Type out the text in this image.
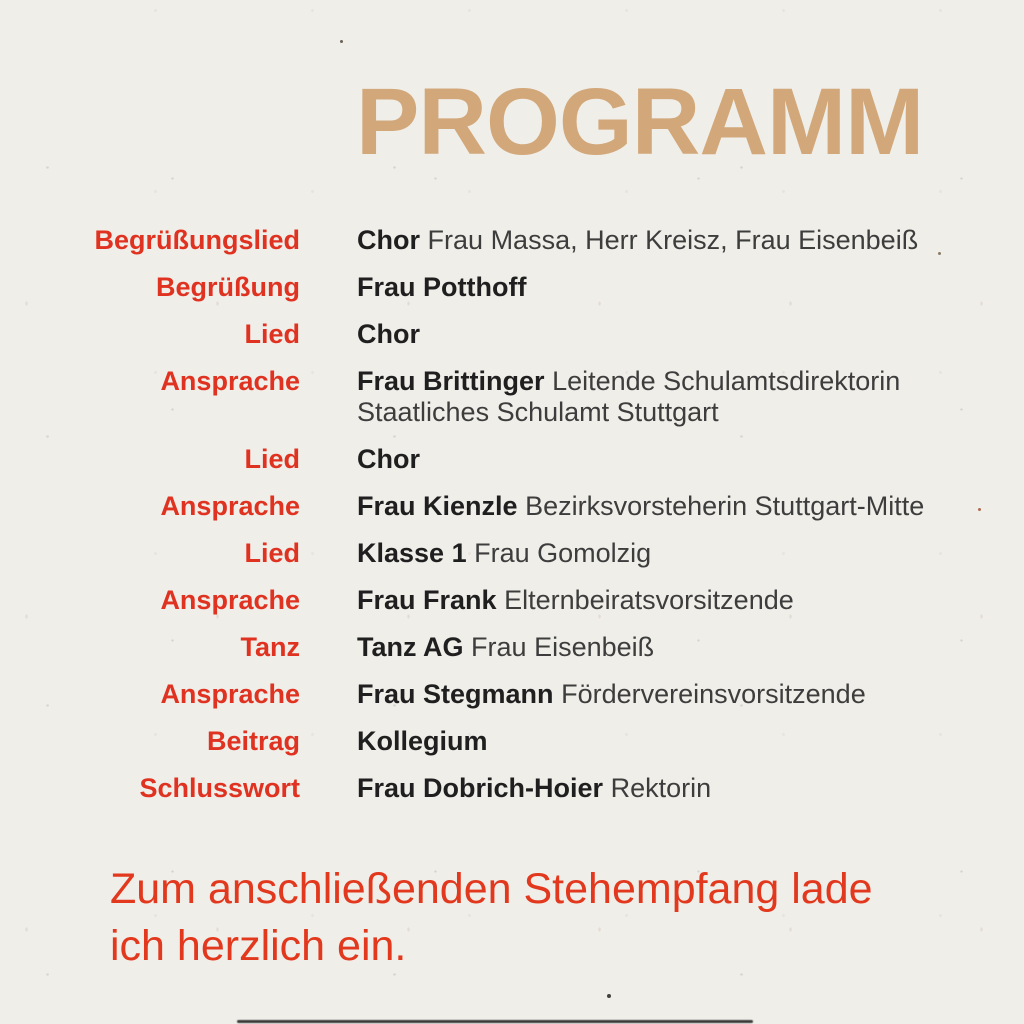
PROGRAMM
Begrüßungslied Chor Frau Massa, Herr Kreisz, Frau Eisenbeiß
Begrüßung Frau Potthoff
Lied Chor
Ansprache Frau Brittinger Leitende Schulamtsdirektorin
Staatliches Schulamt Stuttgart
Lied Chor
Ansprache Frau Kienzle Bezirksvorsteherin Stuttgart-Mitte
Lied Klasse 1 Frau Gomolzig
Ansprache Frau Frank Elternbeiratsvorsitzende
Tanz Tanz AG Frau Eisenbeiß
Ansprache Frau Stegmann Fördervereinsvorsitzende
Beitrag Kollegium
Schlusswort Frau Dobrich-Hoier Rektorin
Zum anschließenden Stehempfang lade
ich herzlich ein.
